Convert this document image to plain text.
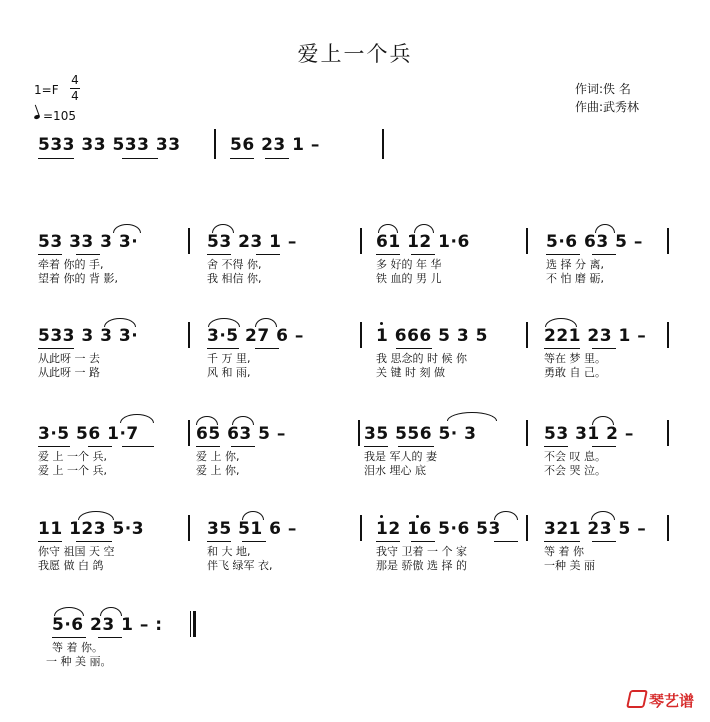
爱上一个兵
1=F
4
4
=105
作词:佚 名
作曲:武秀林
533 33 533 33	56 23 1 –
53 33 3 3·	53 23 1 –	61 12 1·6	5·6 63 5 –
牵着 你的 手,	舍 不得 你,	多 好的 年 华	选 择 分 离,
望着 你的 背 影,	我 相信 你,	铁 血的 男 儿	不 怕 磨 砺,
533 3 3 3·	3·5 27 6 –	1 666 5 3 5	221 23 1 –
从此呀 一 去	千 万 里,	我 思念的 时 候 你	等在 梦 里。
从此呀 一 路	风 和 雨,	关 键 时 刻 做	勇敢 自 己。
3·5 56 1·7	65 63 5 –	35 556 5· 3	53 31 2 –
爱 上 一个 兵,	爱 上 你,	我是 军人的 妻	不会 叹 息。
爱 上 一个 兵,	爱 上 你,	泪水 埋心 底	不会 哭 泣。
11 123 5·3	35 51 6 –	12 16 5·6 53	321 23 5 –
你守 祖国 天 空	和 大 地,	我守 卫着 一 个 家	等 着 你
我愿 做 白 鸽	伴飞 绿军 衣,	那是 骄傲 选 择 的	一种 美 丽
5·6 23 1 – :
等 着 你。
一 种 美 丽。
琴艺谱
